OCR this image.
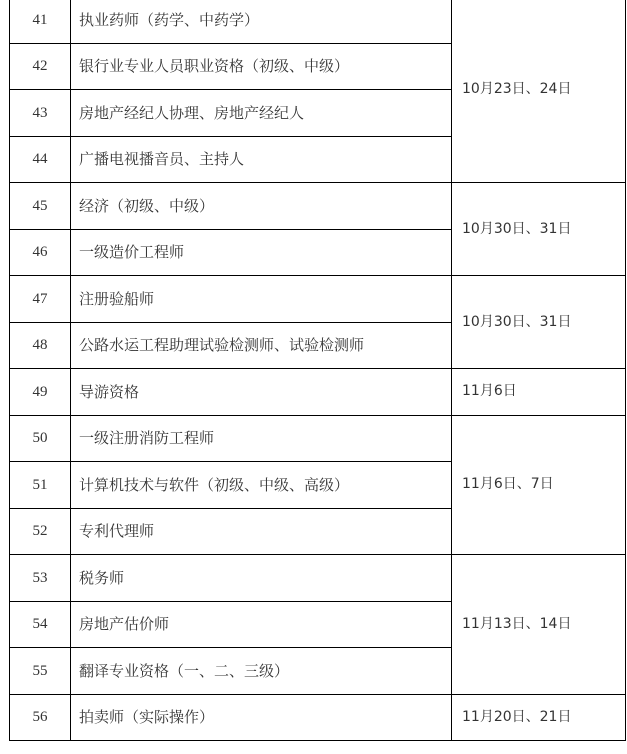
41	执业药师（药学、中药学）	10月23日、24日
42	银行业专业人员职业资格（初级、中级）	
43	房地产经纪人协理、房地产经纪人	
44	广播电视播音员、主持人	
45	经济（初级、中级）	10月30日、31日
46	一级造价工程师	
47	注册验船师	10月30日、31日
48	公路水运工程助理试验检测师、试验检测师	
49	导游资格	11月6日
50	一级注册消防工程师	11月6日、7日
51	计算机技术与软件（初级、中级、高级）	
52	专利代理师	
53	税务师	11月13日、14日
54	房地产估价师	
55	翻译专业资格（一、二、三级）	
56	拍卖师（实际操作）	11月20日、21日
